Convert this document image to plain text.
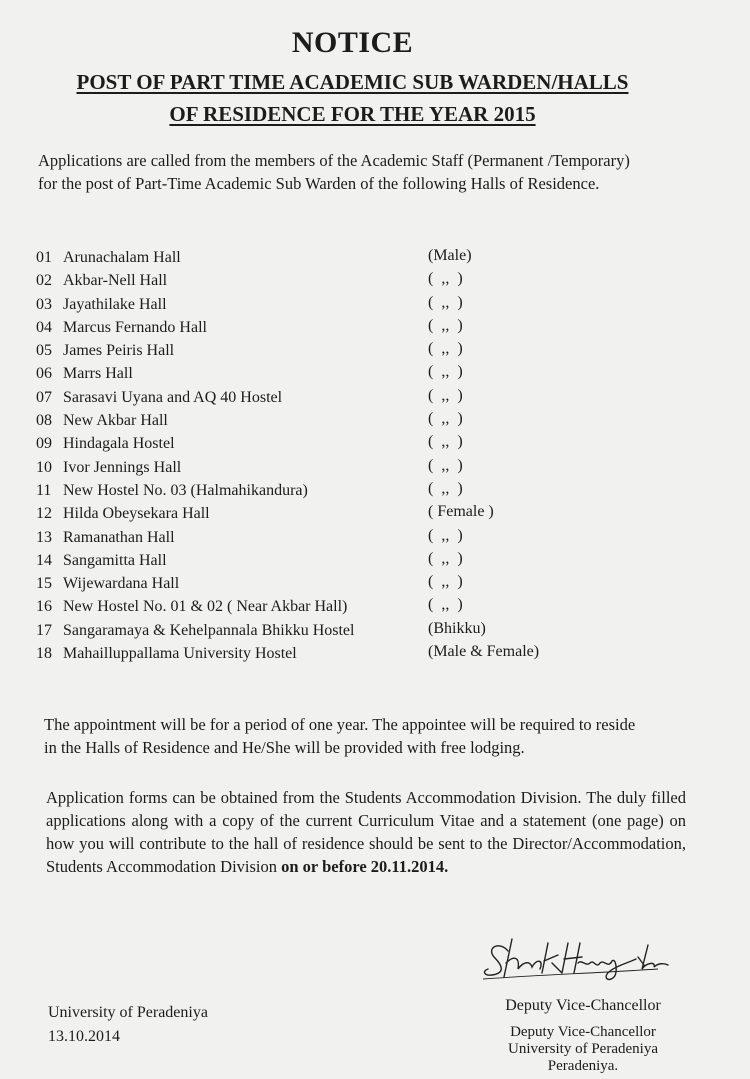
NOTICE
POST OF PART TIME ACADEMIC SUB WARDEN/HALLS
OF RESIDENCE FOR THE YEAR 2015
Applications are called from the members of the Academic Staff (Permanent /Temporary)
for the post of Part-Time Academic Sub Warden of the following Halls of Residence.
01 Arunachalam Hall	(Male)
02 Akbar-Nell Hall	(  ,,  )
03 Jayathilake Hall	(  ,,  )
04 Marcus Fernando Hall	(  ,,  )
05 James Peiris Hall	(  ,,  )
06 Marrs Hall	(  ,,  )
07 Sarasavi Uyana and AQ 40 Hostel	(  ,,  )
08 New Akbar Hall	(  ,,  )
09 Hindagala Hostel	(  ,,  )
10 Ivor Jennings Hall	(  ,,  )
11 New Hostel No. 03 (Halmahikandura)	(  ,,  )
12 Hilda Obeysekara Hall	( Female )
13 Ramanathan Hall	(  ,,  )
14 Sangamitta Hall	(  ,,  )
15 Wijewardana Hall	(  ,,  )
16 New Hostel No. 01 & 02 ( Near Akbar Hall)	(  ,,  )
17 Sangaramaya & Kehelpannala Bhikku Hostel	(Bhikku)
18 Mahailluppallama University Hostel	(Male & Female)
The appointment will be for a period of one year. The appointee will be required to reside
in the Halls of Residence and He/She will be provided with free lodging.
Application forms can be obtained from the Students Accommodation Division. The duly filled applications along with a copy of the current Curriculum Vitae and a statement (one page) on how you will contribute to the hall of residence should be sent to the Director/Accommodation, Students Accommodation Division on or before 20.11.2014.
University of Peradeniya
13.10.2014
Deputy Vice-Chancellor
Deputy Vice-Chancellor
University of Peradeniya
Peradeniya.
